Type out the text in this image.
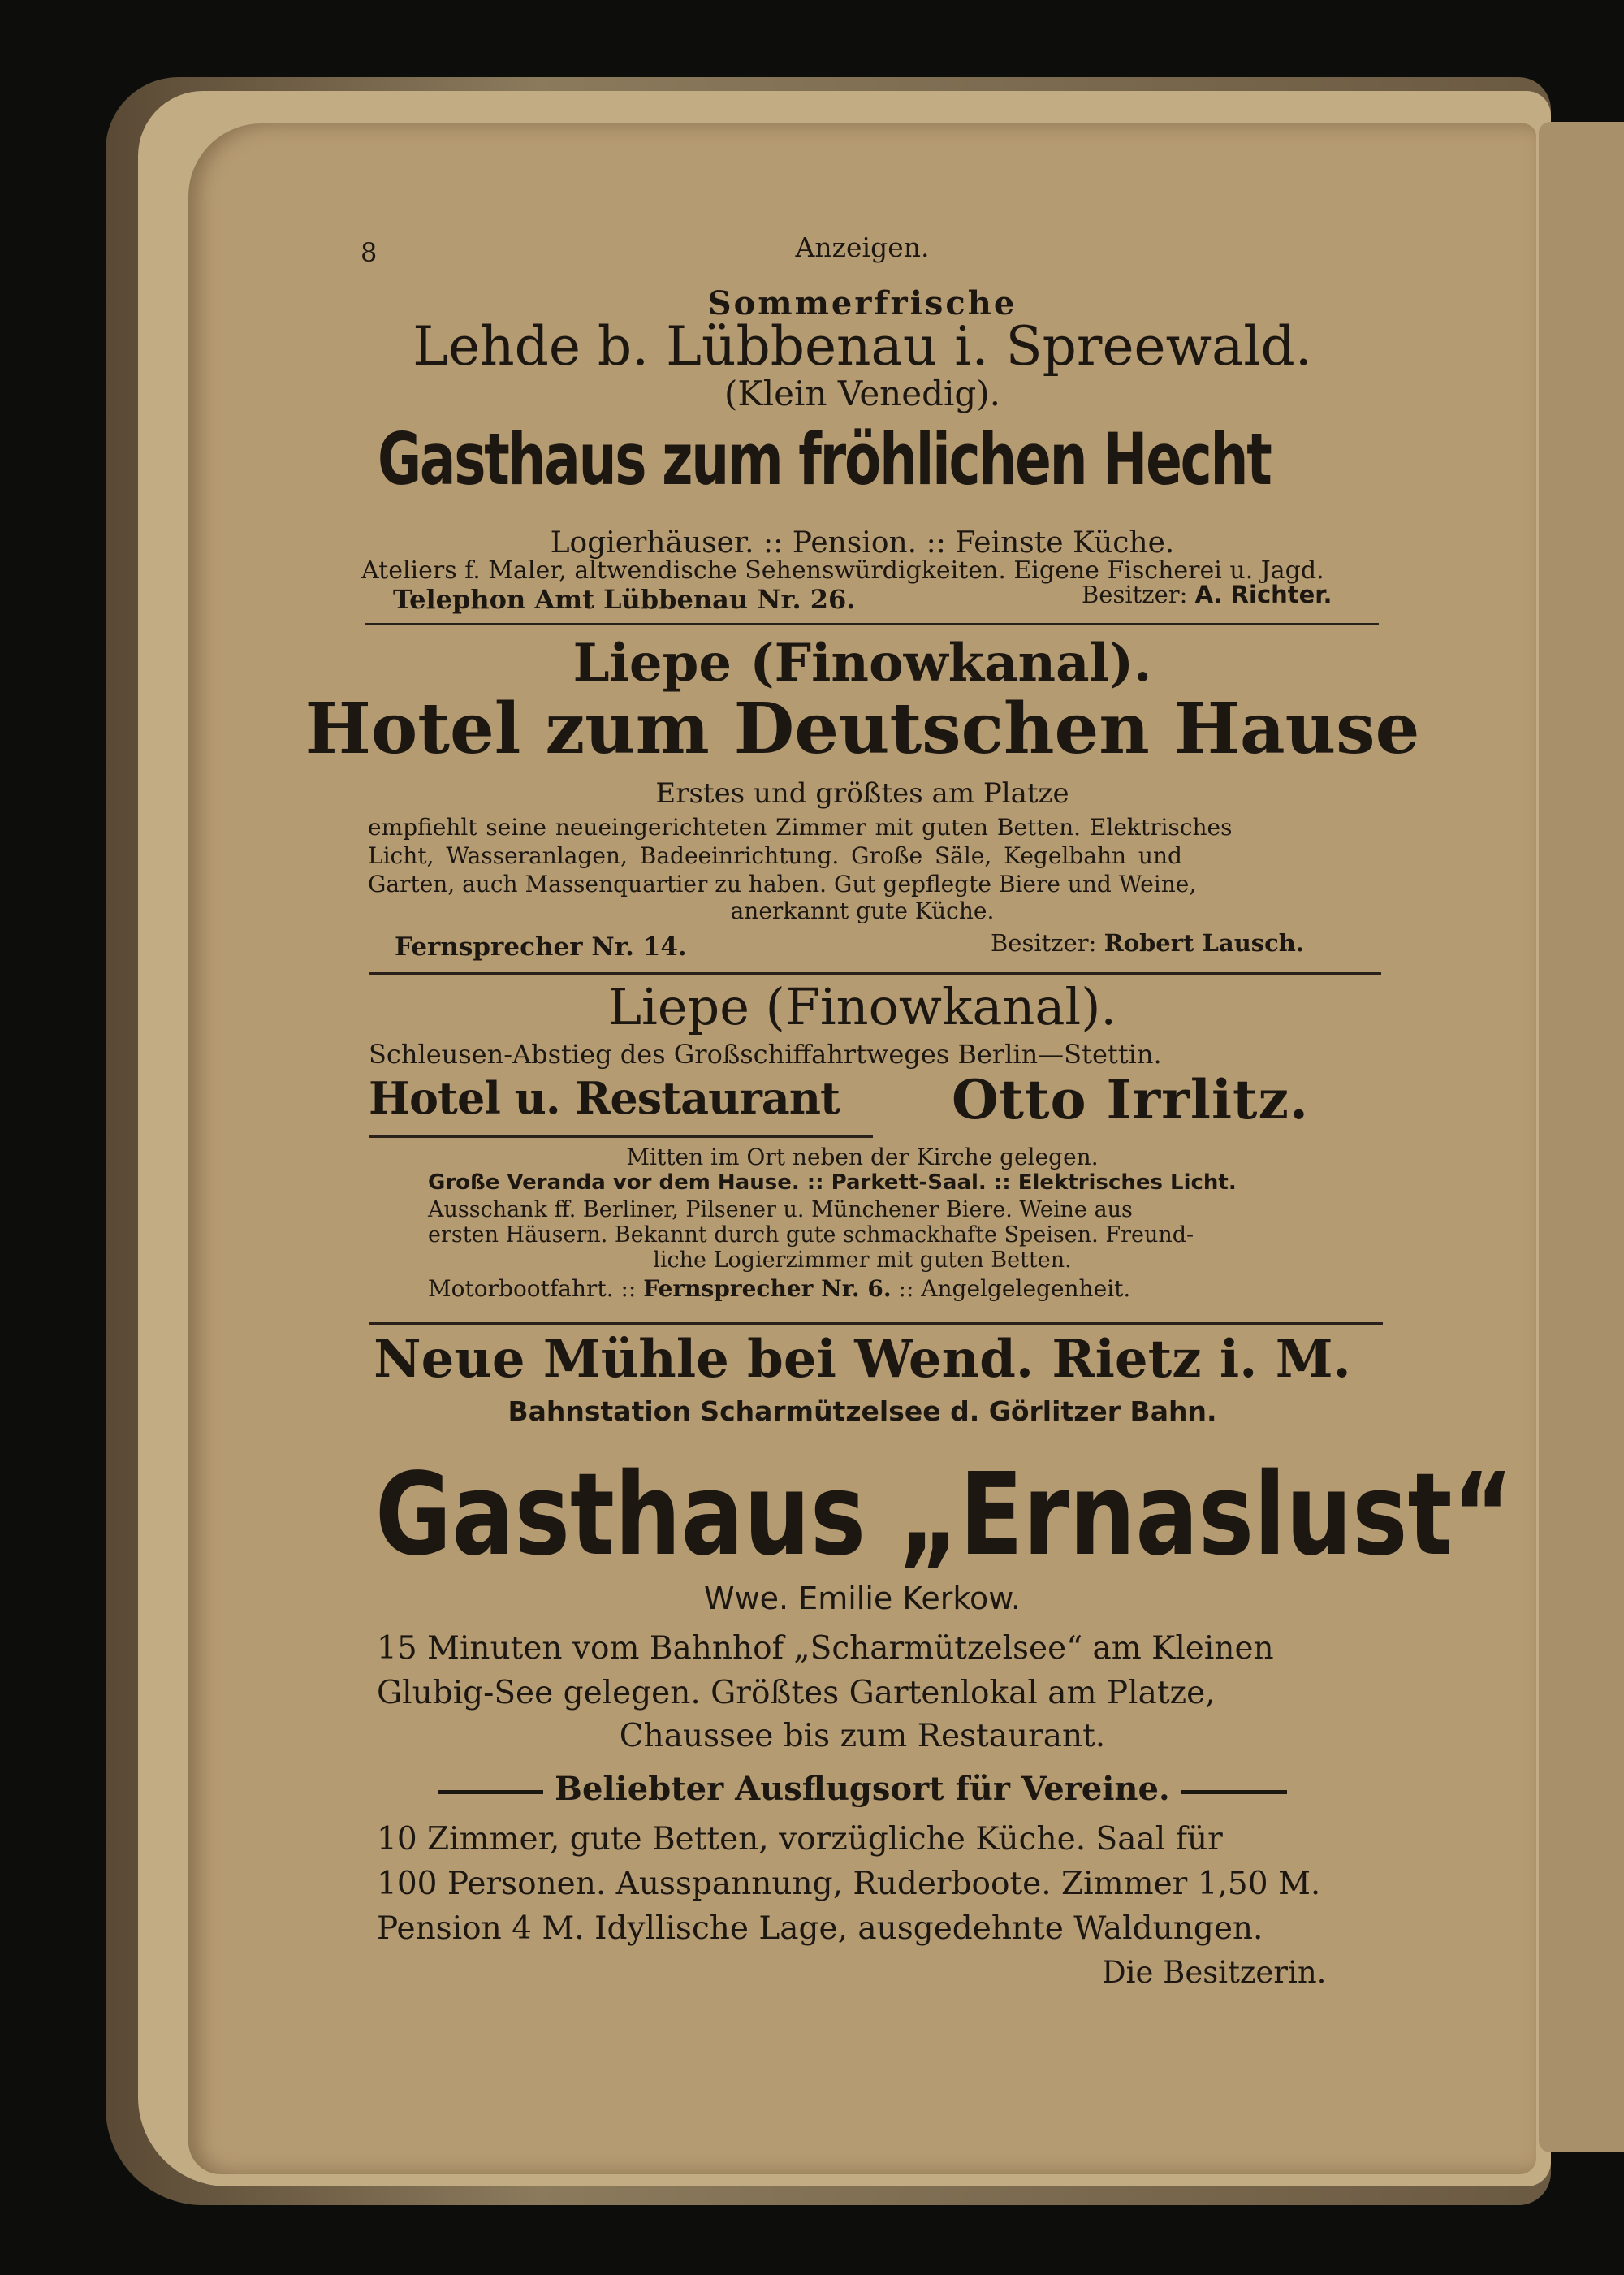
8	Anzeigen.
Sommerfrische
Lehde b. Lübbenau i. Spreewald.
(Klein Venedig).
Gasthaus zum fröhlichen Hecht
Logierhäuser. :: Pension. :: Feinste Küche.
Ateliers f. Maler, altwendische Sehenswürdigkeiten. Eigene Fischerei u. Jagd.
Telephon Amt Lübbenau Nr. 26.	Besitzer: A. Richter.
Liepe (Finowkanal).
Hotel zum Deutschen Hause
Erstes und größtes am Platze
empfiehlt seine neueingerichteten Zimmer mit guten Betten. Elektrisches
Licht, Wasseranlagen, Badeeinrichtung. Große Säle, Kegelbahn und
Garten, auch Massenquartier zu haben. Gut gepflegte Biere und Weine,
anerkannt gute Küche.
Fernsprecher Nr. 14.	Besitzer: Robert Lausch.
Liepe (Finowkanal).
Schleusen-Abstieg des Großschiffahrtweges Berlin—Stettin.
Hotel u. Restaurant Otto Irrlitz.
Mitten im Ort neben der Kirche gelegen.
Große Veranda vor dem Hause. :: Parkett-Saal. :: Elektrisches Licht.
Ausschank ff. Berliner, Pilsener u. Münchener Biere. Weine aus
ersten Häusern. Bekannt durch gute schmackhafte Speisen. Freund-
liche Logierzimmer mit guten Betten.
Motorbootfahrt. :: Fernsprecher Nr. 6. :: Angelgelegenheit.
Neue Mühle bei Wend. Rietz i. M.
Bahnstation Scharmützelsee d. Görlitzer Bahn.
Gasthaus „Ernaslust“
Wwe. Emilie Kerkow.
15 Minuten vom Bahnhof „Scharmützelsee“ am Kleinen
Glubig-See gelegen. Größtes Gartenlokal am Platze,
Chaussee bis zum Restaurant.
Beliebter Ausflugsort für Vereine.
10 Zimmer, gute Betten, vorzügliche Küche. Saal für
100 Personen. Ausspannung, Ruderboote. Zimmer 1,50 M.
Pension 4 M. Idyllische Lage, ausgedehnte Waldungen.
Die Besitzerin.
